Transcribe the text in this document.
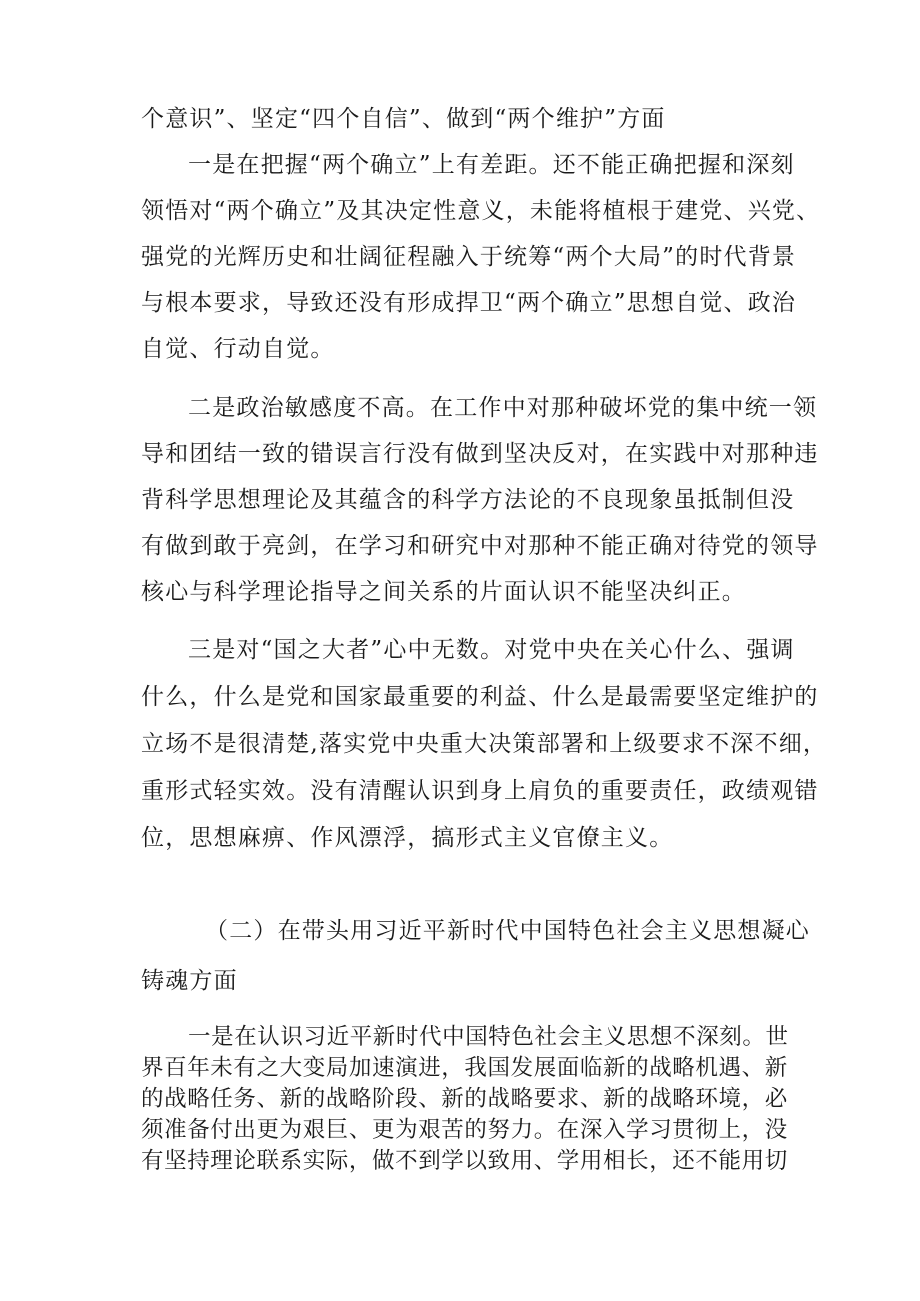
个意识”、坚定“四个自信”、做到“两个维护”方面
一是在把握“两个确立”上有差距。还不能正确把握和深刻
领悟对“两个确立”及其决定性意义，未能将植根于建党、兴党、
强党的光辉历史和壮阔征程融入于统筹“两个大局”的时代背景
与根本要求，导致还没有形成捍卫“两个确立”思想自觉、政治
自觉、行动自觉。
二是政治敏感度不高。在工作中对那种破坏党的集中统一领
导和团结一致的错误言行没有做到坚决反对，在实践中对那种违
背科学思想理论及其蕴含的科学方法论的不良现象虽抵制但没
有做到敢于亮剑，在学习和研究中对那种不能正确对待党的领导
核心与科学理论指导之间关系的片面认识不能坚决纠正。
三是对“国之大者”心中无数。对党中央在关心什么、强调
什么，什么是党和国家最重要的利益、什么是最需要坚定维护的
立场不是很清楚,落实党中央重大决策部署和上级要求不深不细，
重形式轻实效。没有清醒认识到身上肩负的重要责任，政绩观错
位，思想麻痹、作风漂浮，搞形式主义官僚主义。
（二）在带头用习近平新时代中国特色社会主义思想凝心
铸魂方面
一是在认识习近平新时代中国特色社会主义思想不深刻。世
界百年未有之大变局加速演进，我国发展面临新的战略机遇、新
的战略任务、新的战略阶段、新的战略要求、新的战略环境，必
须准备付出更为艰巨、更为艰苦的努力。在深入学习贯彻上，没
有坚持理论联系实际，做不到学以致用、学用相长，还不能用切
